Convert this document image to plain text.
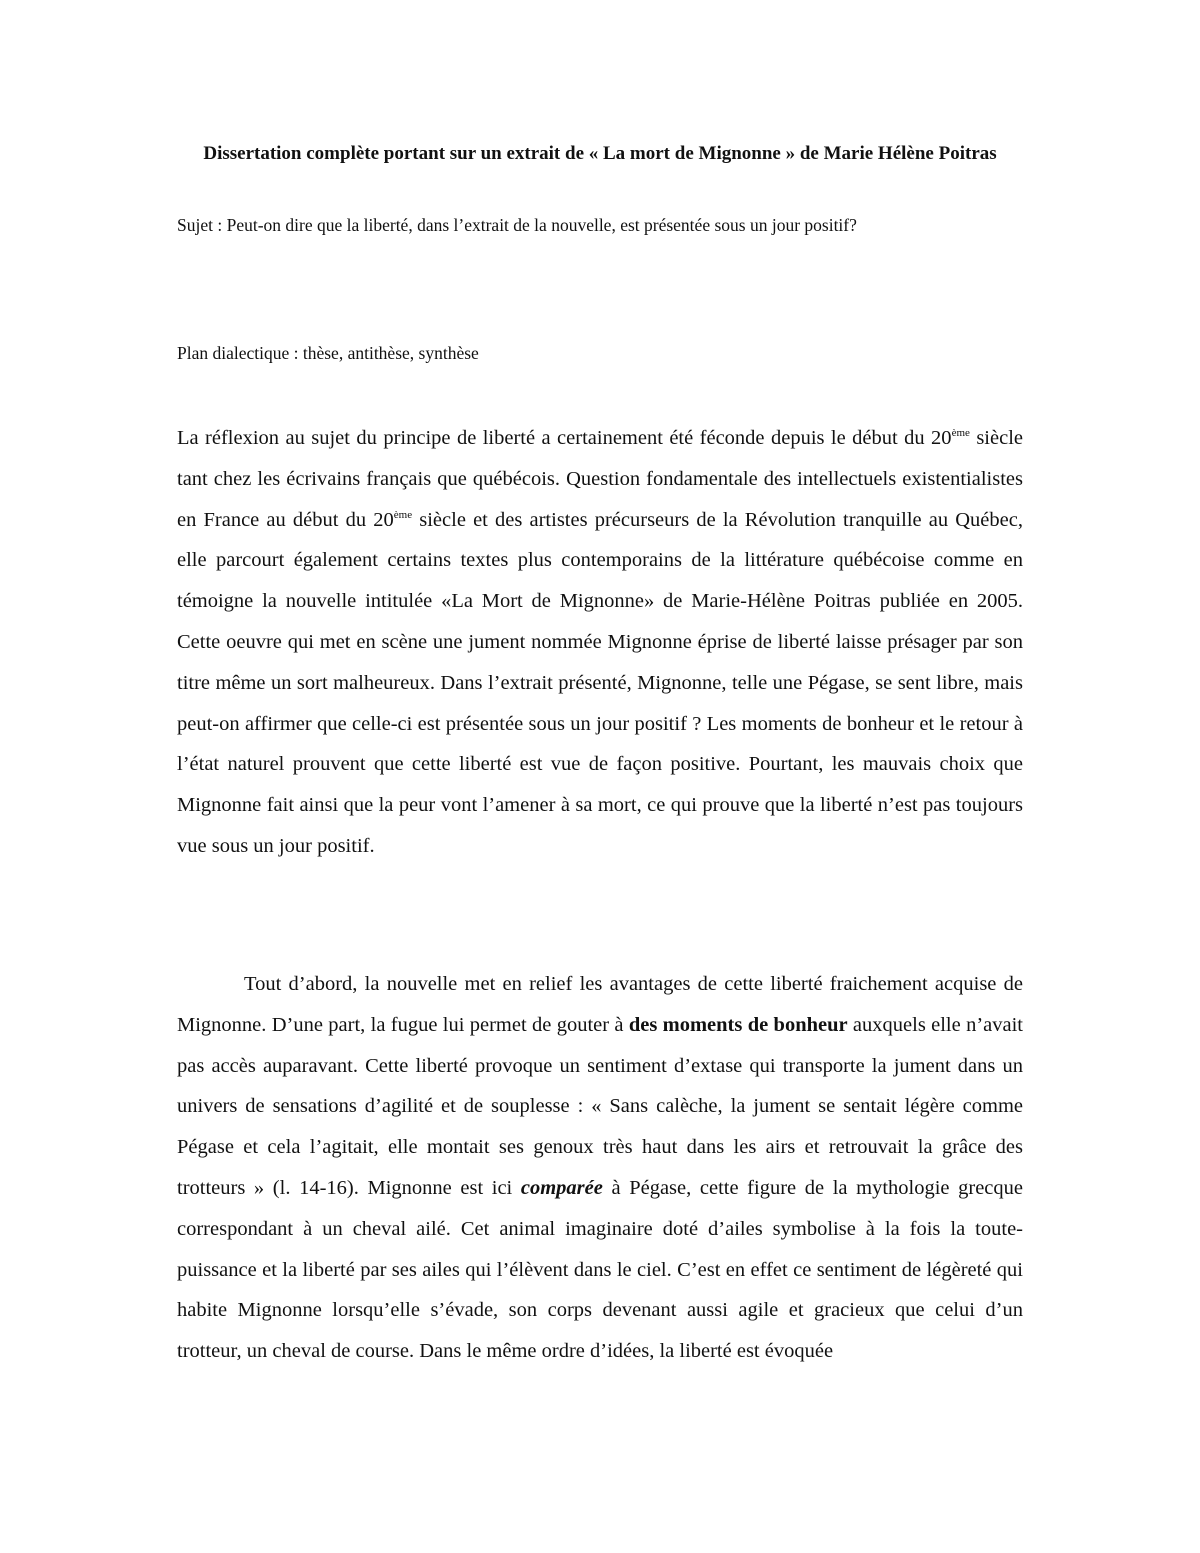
Dissertation complète portant sur un extrait de « La mort de Mignonne » de Marie Hélène Poitras
Sujet : Peut-on dire que la liberté, dans l’extrait de la nouvelle, est présentée sous un jour positif?
Plan dialectique : thèse, antithèse, synthèse

La réflexion au sujet du principe de liberté a certainement été féconde depuis le début du 20ème siècle tant chez les écrivains français que québécois. Question fondamentale des intellectuels existentialistes en France au début du 20ème siècle et des artistes précurseurs de la Révolution tranquille au Québec, elle parcourt également certains textes plus contemporains de la littérature québécoise comme en témoigne la nouvelle intitulée «La Mort de Mignonne» de Marie-Hélène Poitras publiée en 2005. Cette oeuvre qui met en scène une jument nommée Mignonne éprise de liberté laisse présager par son titre même un sort malheureux. Dans l’extrait présenté, Mignonne, telle une Pégase, se sent libre, mais peut-on affirmer que celle-ci est présentée sous un jour positif ? Les moments de bonheur et le retour à l’état naturel prouvent que cette liberté est vue de façon positive. Pourtant, les mauvais choix que Mignonne fait ainsi que la peur vont l’amener à sa mort, ce qui prouve que la liberté n’est pas toujours vue sous un jour positif.

Tout d’abord, la nouvelle met en relief les avantages de cette liberté fraichement acquise de Mignonne. D’une part, la fugue lui permet de gouter à des moments de bonheur auxquels elle n’avait pas accès auparavant. Cette liberté provoque un sentiment d’extase qui transporte la jument dans un univers de sensations d’agilité et de souplesse : « Sans calèche, la jument se sentait légère comme Pégase et cela l’agitait, elle montait ses genoux très haut dans les airs et retrouvait la grâce des trotteurs » (l. 14-16). Mignonne est ici comparée à Pégase, cette figure de la mythologie grecque correspondant à un cheval ailé. Cet animal imaginaire doté d’ailes symbolise à la fois la toute-puissance et la liberté par ses ailes qui l’élèvent dans le ciel. C’est en effet ce sentiment de légèreté qui habite Mignonne lorsqu’elle s’évade, son corps devenant aussi agile et gracieux que celui d’un trotteur, un cheval de course. Dans le même ordre d’idées, la liberté est évoquée
